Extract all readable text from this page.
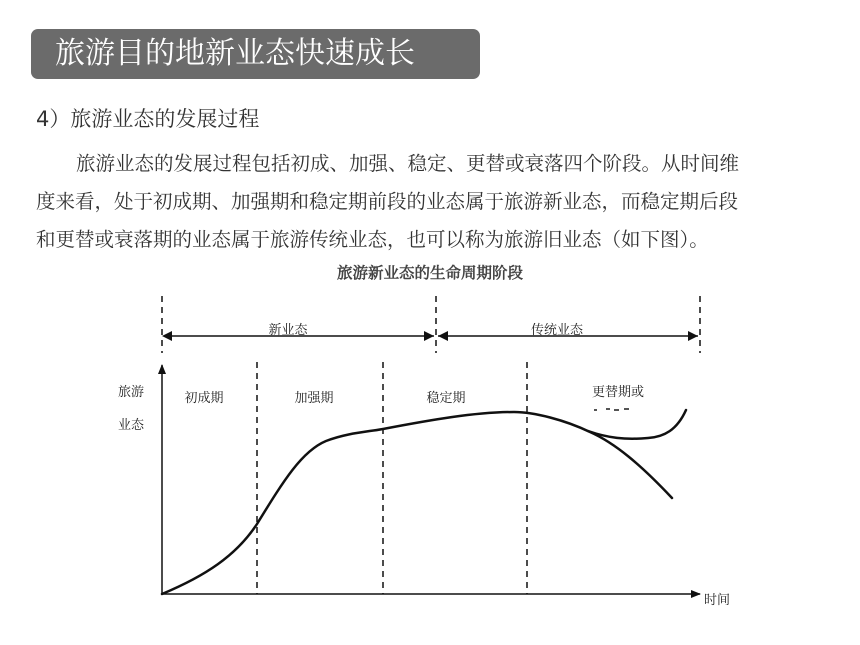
旅游目的地新业态快速成长
4）旅游业态的发展过程
旅游业态的发展过程包括初成、加强、稳定、更替或衰落四个阶段。从时间维
度来看，处于初成期、加强期和稳定期前段的业态属于旅游新业态，而稳定期后段
和更替或衰落期的业态属于旅游传统业态，也可以称为旅游旧业态（如下图）。
旅游新业态的生命周期阶段
新业态	传统业态
旅游
业态
时间
初成期	加强期	稳定期	更替期或
